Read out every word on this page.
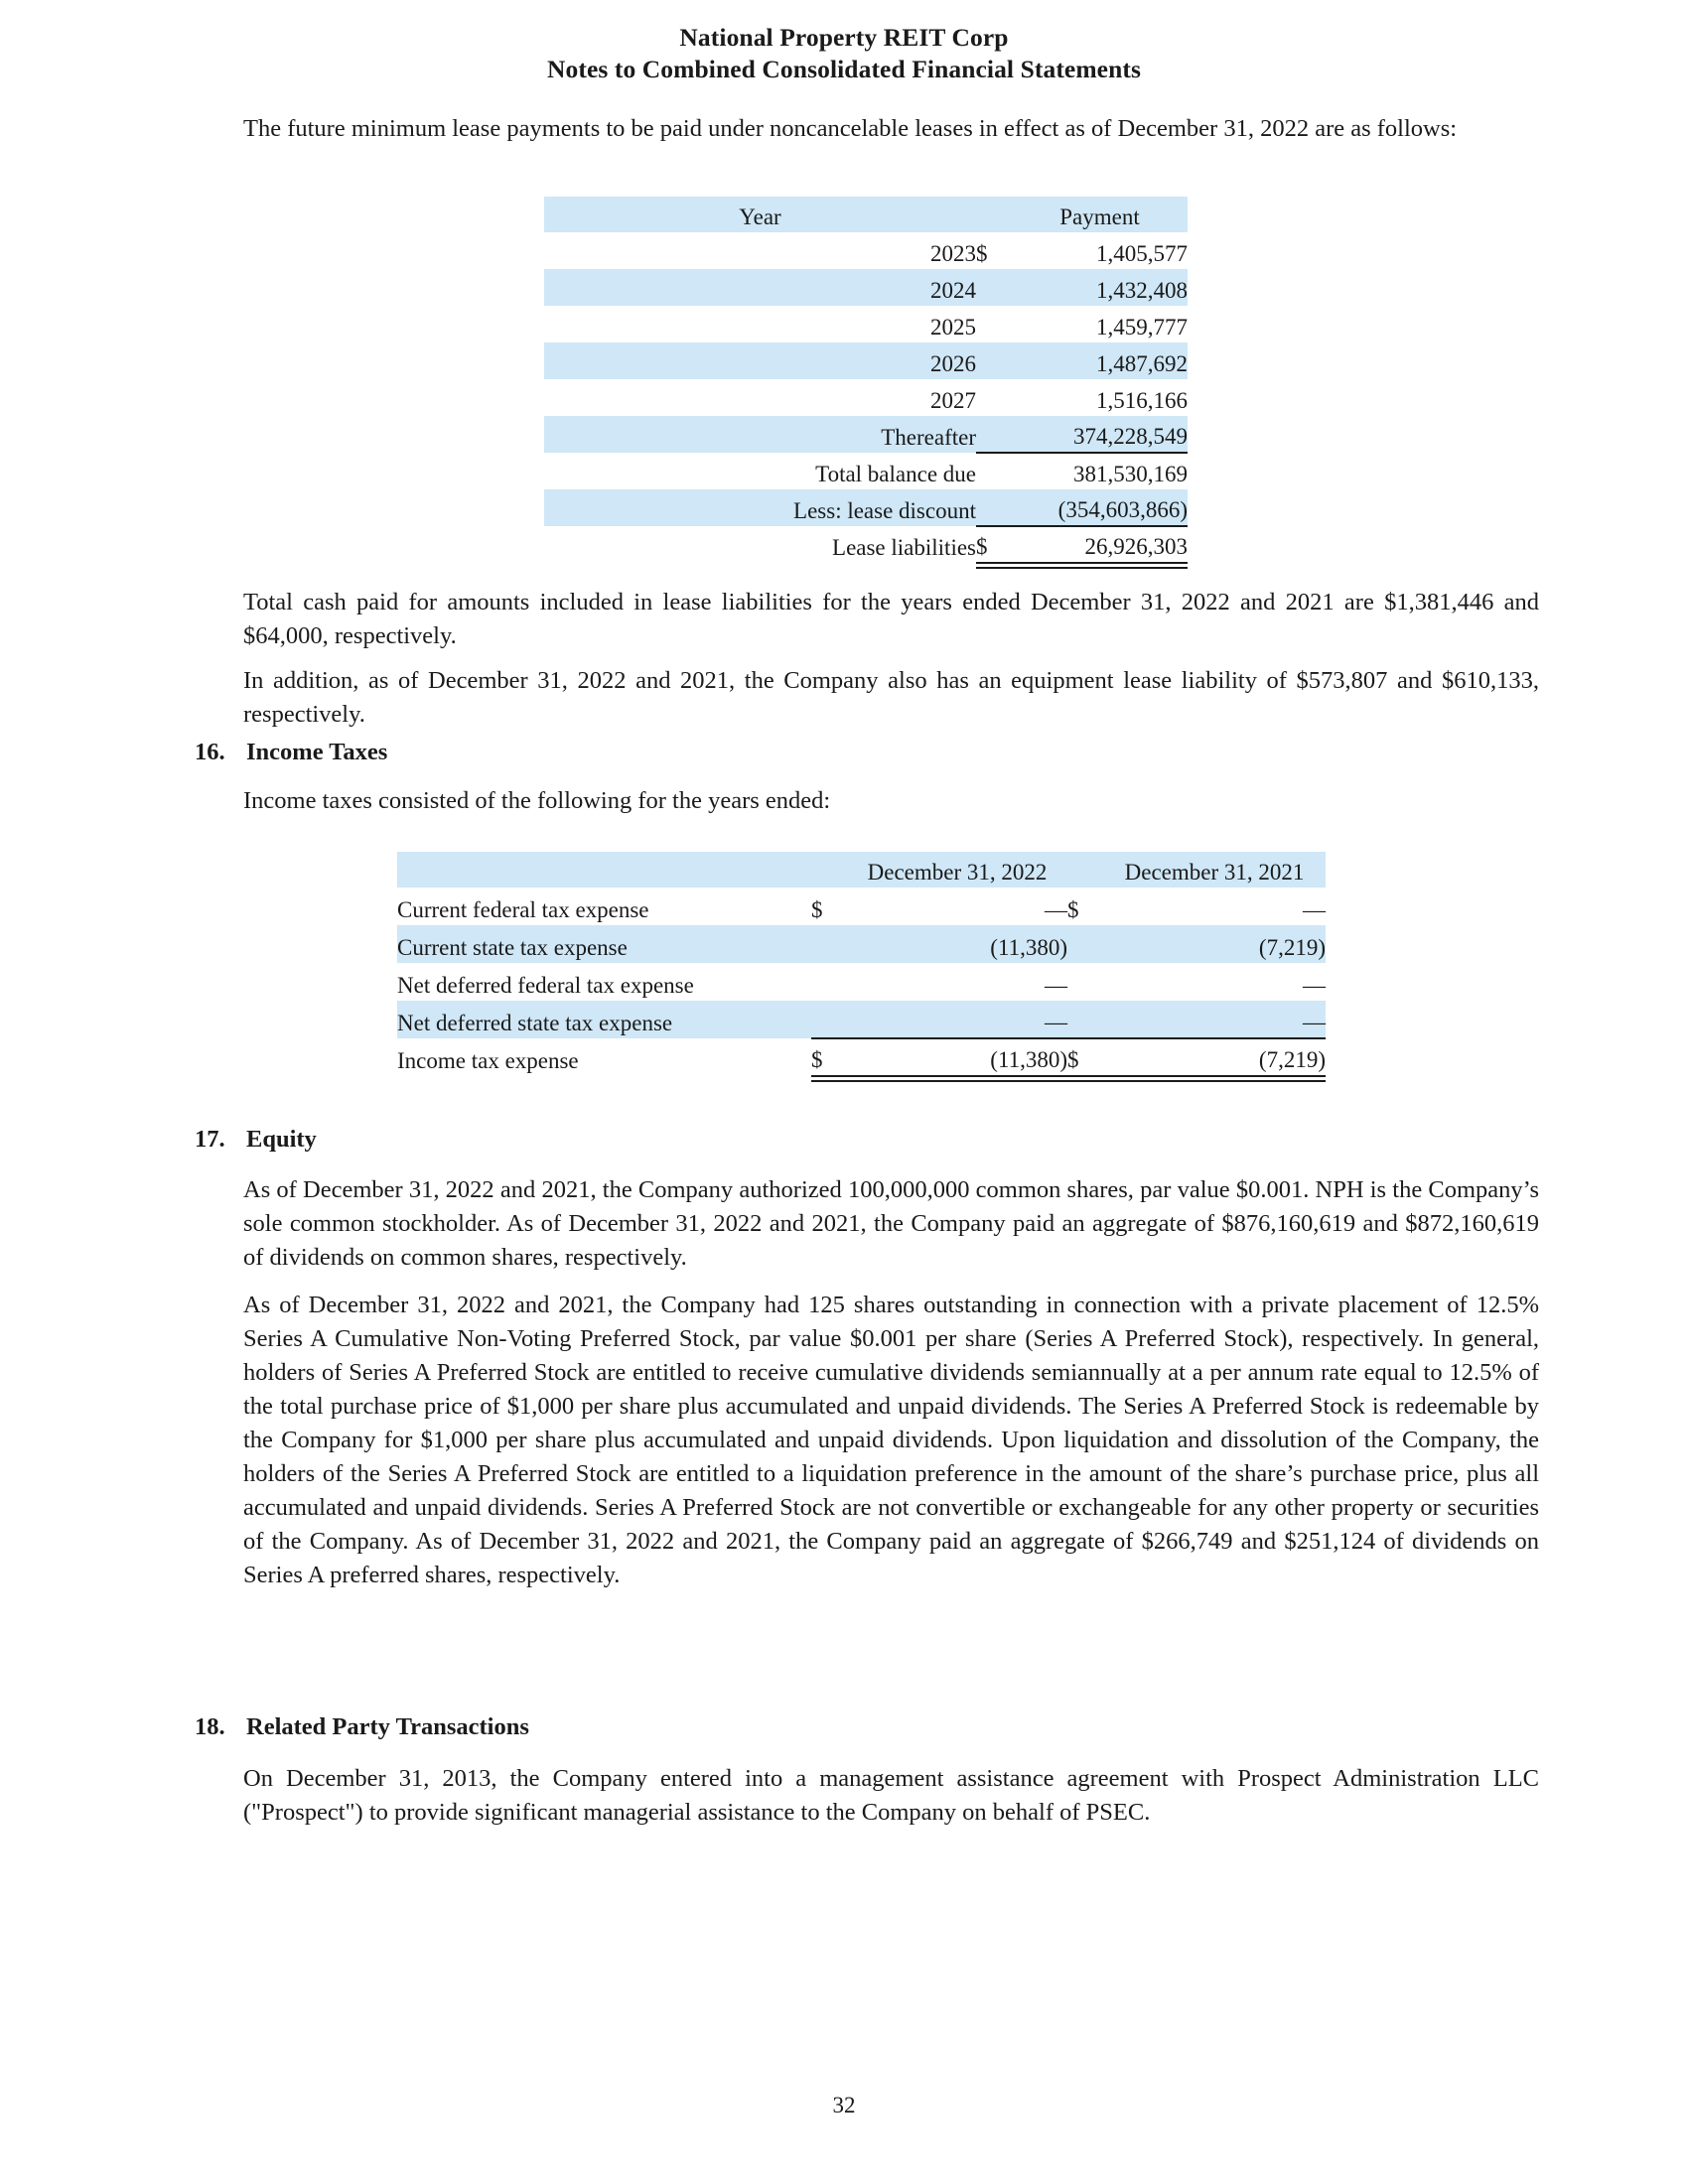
National Property REIT Corp
Notes to Combined Consolidated Financial Statements
The future minimum lease payments to be paid under noncancelable leases in effect as of December 31, 2022 are as follows:
Year		Payment
2023	$	1,405,577
2024		1,432,408
2025		1,459,777
2026		1,487,692
2027		1,516,166
Thereafter		374,228,549
Total balance due		381,530,169
Less: lease discount		(354,603,866)
Lease liabilities	$	26,926,303
Total cash paid for amounts included in lease liabilities for the years ended December 31, 2022 and 2021 are $1,381,446 and $64,000, respectively.
In addition, as of December 31, 2022 and 2021, the Company also has an equipment lease liability of $573,807 and $610,133, respectively.
16. Income Taxes
Income taxes consisted of the following for the years ended:
		December 31, 2022		December 31, 2021
Current federal tax expense	$	—	$	—
Current state tax expense		(11,380)		(7,219)
Net deferred federal tax expense		—		—
Net deferred state tax expense		—		—
Income tax expense	$	(11,380)	$	(7,219)
17. Equity
As of December 31, 2022 and 2021, the Company authorized 100,000,000 common shares, par value $0.001. NPH is the Company’s sole common stockholder. As of December 31, 2022 and 2021, the Company paid an aggregate of $876,160,619 and $872,160,619 of dividends on common shares, respectively.
As of December 31, 2022 and 2021, the Company had 125 shares outstanding in connection with a private placement of 12.5% Series A Cumulative Non-Voting Preferred Stock, par value $0.001 per share (Series A Preferred Stock), respectively. In general, holders of Series A Preferred Stock are entitled to receive cumulative dividends semiannually at a per annum rate equal to 12.5% of the total purchase price of $1,000 per share plus accumulated and unpaid dividends. The Series A Preferred Stock is redeemable by the Company for $1,000 per share plus accumulated and unpaid dividends. Upon liquidation and dissolution of the Company, the holders of the Series A Preferred Stock are entitled to a liquidation preference in the amount of the share’s purchase price, plus all accumulated and unpaid dividends. Series A Preferred Stock are not convertible or exchangeable for any other property or securities of the Company. As of December 31, 2022 and 2021, the Company paid an aggregate of $266,749 and $251,124 of dividends on Series A preferred shares, respectively.
18. Related Party Transactions
On December 31, 2013, the Company entered into a management assistance agreement with Prospect Administration LLC ("Prospect") to provide significant managerial assistance to the Company on behalf of PSEC.
32
